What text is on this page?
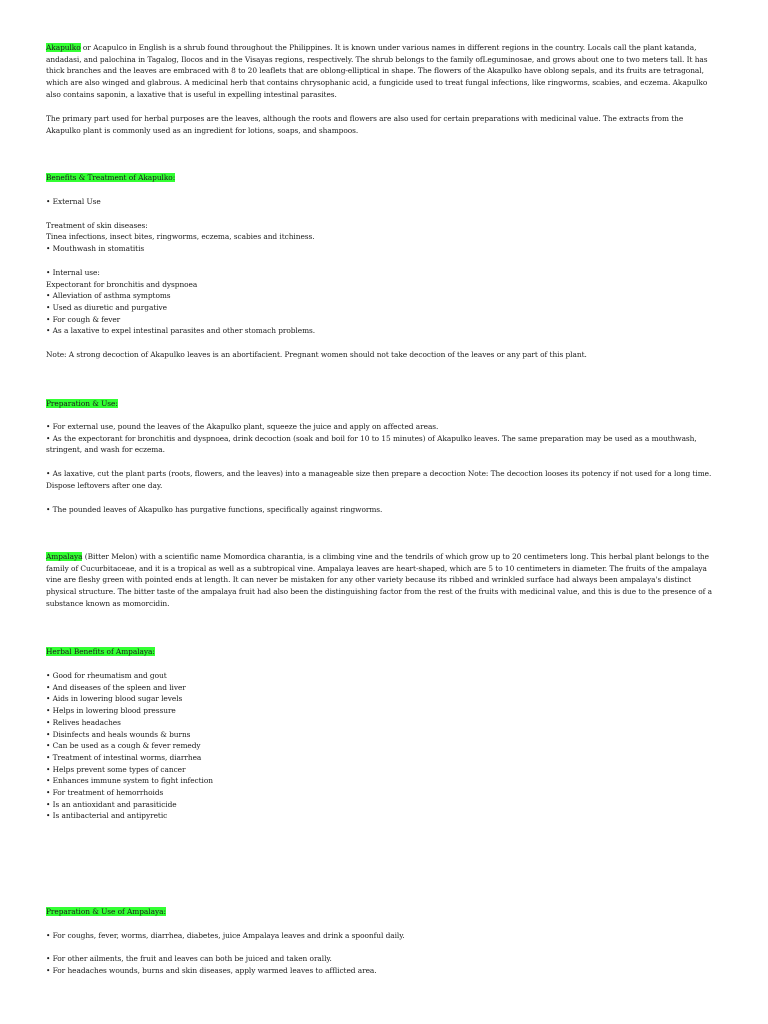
Akapulko or Acapulco in English is a shrub found throughout the Philippines. It is known under various names in different regions in the country. Locals call the plant katanda, andadasi, and palochina in Tagalog, Ilocos and in the Visayas regions, respectively. The shrub belongs to the family ofLeguminosae, and grows about one to two meters tall. It has thick branches and the leaves are embraced with 8 to 20 leaflets that are oblong-elliptical in shape. The flowers of the Akapulko have oblong sepals, and its fruits are tetragonal, which are also winged and glabrous. A medicinal herb that contains chrysophanic acid, a fungicide used to treat fungal infections, like ringworms, scabies, and eczema. Akapulko also contains saponin, a laxative that is useful in expelling intestinal parasites.

The primary part used for herbal purposes are the leaves, although the roots and flowers are also used for certain preparations with medicinal value. The extracts from the Akapulko plant is commonly used as an ingredient for lotions, soaps, and shampoos.

Benefits & Treatment of Akapulko:

• External Use

Treatment of skin diseases:

Tinea infections, insect bites, ringworms, eczema, scabies and itchiness.

• Mouthwash in stomatitis

• Internal use:

Expectorant for bronchitis and dyspnoea

• Alleviation of asthma symptoms
• Used as diuretic and purgative
• For cough & fever
• As a laxative to expel intestinal parasites and other stomach problems.

Note: A strong decoction of Akapulko leaves is an abortifacient. Pregnant women should not take decoction of the leaves or any part of this plant.

Preparation & Use:
• For external use, pound the leaves of the Akapulko plant, squeeze the juice and apply on affected areas.
• As the expectorant for bronchitis and dyspnoea, drink decoction (soak and boil for 10 to 15 minutes) of Akapulko leaves. The same preparation may be used as a mouthwash, stringent, and wash for eczema.

• As laxative, cut the plant parts (roots, flowers, and the leaves) into a manageable size then prepare a decoction Note: The decoction looses its potency if not used for a long time. Dispose leftovers after one day.

• The pounded leaves of Akapulko has purgative functions, specifically against ringworms.

Ampalaya (Bitter Melon) with a scientific name Momordica charantia, is a climbing vine and the tendrils of which grow up to 20 centimeters long. This herbal plant belongs to the family of Cucurbitaceae, and it is a tropical as well as a subtropical vine. Ampalaya leaves are heart-shaped, which are 5 to 10 centimeters in diameter. The fruits of the ampalaya vine are fleshy green with pointed ends at length. It can never be mistaken for any other variety because its ribbed and wrinkled surface had always been ampalaya's distinct physical structure. The bitter taste of the ampalaya fruit had also been the distinguishing factor from the rest of the fruits with medicinal value, and this is due to the presence of a substance known as momorcidin.

Herbal Benefits of Ampalaya:
• Good for rheumatism and gout
• And diseases of the spleen and liver
• Aids in lowering blood sugar levels
• Helps in lowering blood pressure
• Relives headaches
• Disinfects and heals wounds & burns
• Can be used as a cough & fever remedy
• Treatment of intestinal worms, diarrhea
• Helps prevent some types of cancer
• Enhances immune system to fight infection
• For treatment of hemorrhoids
• Is an antioxidant and parasiticide
• Is antibacterial and antipyretic
Preparation & Use of Ampalaya:

• For coughs, fever, worms, diarrhea, diabetes, juice Ampalaya leaves and drink a spoonful daily.

• For other ailments, the fruit and leaves can both be juiced and taken orally.

• For headaches wounds, burns and skin diseases, apply warmed leaves to afflicted area.
